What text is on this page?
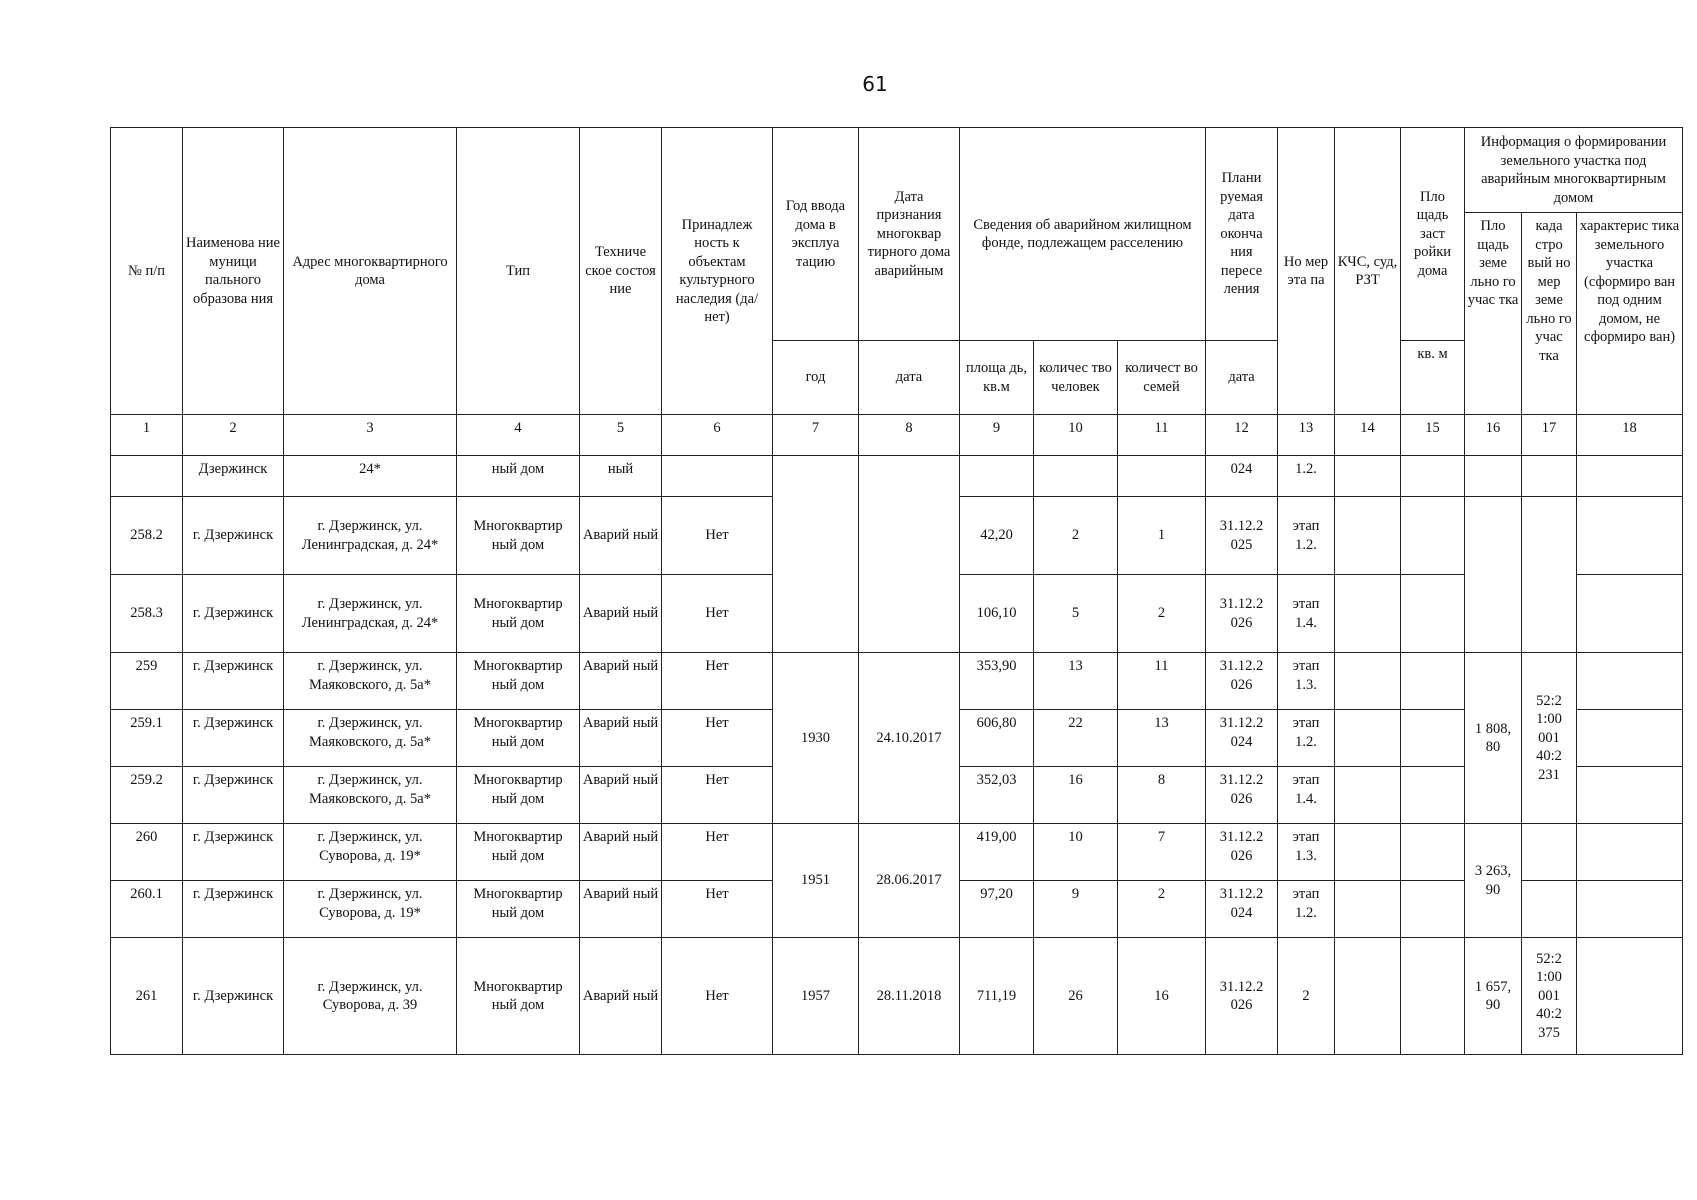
61
№ п/п	Наименова ние муници пального образова ния	Адрес многоквартирного дома	Тип	Техниче ское состоя ние	Принадлеж ность к объектам культурного наследия (да/нет)	Год ввода дома в эксплуа тацию	Дата признания многоквар тирного дома аварийным	Сведения об аварийном жилищном фонде, подлежащем расселению			Плани руемая дата оконча ния пересе ления	Но мер эта па	КЧС, суд, РЗТ	Пло щадь заст ройки дома	Информация о формировании земельного участка под аварийным многоквартирным домом		
															Пло щадь земе льно го учас тка	када стро вый но мер земе льно го учас тка	характерис тика земельного участка (сформиро ван под одним домом, не сформиро ван)
						год	дата	площа дь, кв.м	количес тво человек	количест во семей	дата			кв. м			
1	2	3	4	5	6	7	8	9	10	11	12	13	14	15	16	17	18
	Дзержинск	24*	ный дом	ный							024	1.2.					
258.2	г. Дзержинск	г. Дзержинск, ул. Ленинградская, д. 24*	Многоквартир ный дом	Аварий ный	Нет			42,20	2	1	31.12.2 025	этап 1.2.					
258.3	г. Дзержинск	г. Дзержинск, ул. Ленинградская, д. 24*	Многоквартир ный дом	Аварий ный	Нет			106,10	5	2	31.12.2 026	этап 1.4.					
259	г. Дзержинск	г. Дзержинск, ул. Маяковского, д. 5а*	Многоквартир ный дом	Аварий ный	Нет	1930	24.10.2017	353,90	13	11	31.12.2 026	этап 1.3.			1 808, 80	52:2 1:00 001 40:2 231	
259.1	г. Дзержинск	г. Дзержинск, ул. Маяковского, д. 5а*	Многоквартир ный дом	Аварий ный	Нет			606,80	22	13	31.12.2 024	этап 1.2.					
259.2	г. Дзержинск	г. Дзержинск, ул. Маяковского, д. 5а*	Многоквартир ный дом	Аварий ный	Нет			352,03	16	8	31.12.2 026	этап 1.4.					
260	г. Дзержинск	г. Дзержинск, ул. Суворова, д. 19*	Многоквартир ный дом	Аварий ный	Нет	1951	28.06.2017	419,00	10	7	31.12.2 026	этап 1.3.			3 263, 90		
260.1	г. Дзержинск	г. Дзержинск, ул. Суворова, д. 19*	Многоквартир ный дом	Аварий ный	Нет			97,20	9	2	31.12.2 024	этап 1.2.					
261	г. Дзержинск	г. Дзержинск, ул. Суворова, д. 39	Многоквартир ный дом	Аварий ный	Нет	1957	28.11.2018	711,19	26	16	31.12.2 026	2			1 657, 90	52:2 1:00 001 40:2 375	
